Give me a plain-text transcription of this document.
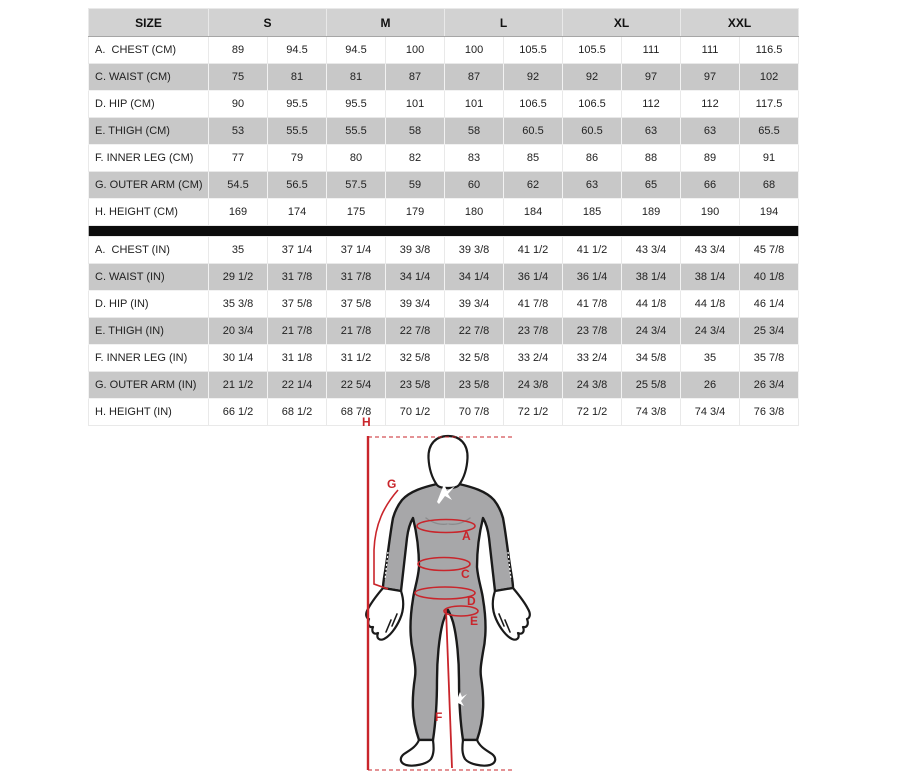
SIZE	S		M		L		XL		XXL	
A.  CHEST (CM)	89	94.5	94.5	100	100	105.5	105.5	111	111	116.5
C. WAIST (CM)	75	81	81	87	87	92	92	97	97	102
D. HIP (CM)	90	95.5	95.5	101	101	106.5	106.5	112	112	117.5
E. THIGH (CM)	53	55.5	55.5	58	58	60.5	60.5	63	63	65.5
F. INNER LEG (CM)	77	79	80	82	83	85	86	88	89	91
G. OUTER ARM (CM)	54.5	56.5	57.5	59	60	62	63	65	66	68
H. HEIGHT (CM)	169	174	175	179	180	184	185	189	190	194

A.  CHEST (IN)	35	37 1/4	37 1/4	39 3/8	39 3/8	41 1/2	41 1/2	43 3/4	43 3/4	45 7/8
C. WAIST (IN)	29 1/2	31 7/8	31 7/8	34 1/4	34 1/4	36 1/4	36 1/4	38 1/4	38 1/4	40 1/8
D. HIP (IN)	35 3/8	37 5/8	37 5/8	39 3/4	39 3/4	41 7/8	41 7/8	44 1/8	44 1/8	46 1/4
E. THIGH (IN)	20 3/4	21 7/8	21 7/8	22 7/8	22 7/8	23 7/8	23 7/8	24 3/4	24 3/4	25 3/4
F. INNER LEG (IN)	30 1/4	31 1/8	31 1/2	32 5/8	32 5/8	33 2/4	33 2/4	34 5/8	35	35 7/8
G. OUTER ARM (IN)	21 1/2	22 1/4	22 5/4	23 5/8	23 5/8	24 3/8	24 3/8	25 5/8	26	26 3/4
H. HEIGHT (IN)	66 1/2	68 1/2	68 7/8	70 1/2	70 7/8	72 1/2	72 1/2	74 3/8	74 3/4	76 3/8
H
G
A
C
D
E
F
